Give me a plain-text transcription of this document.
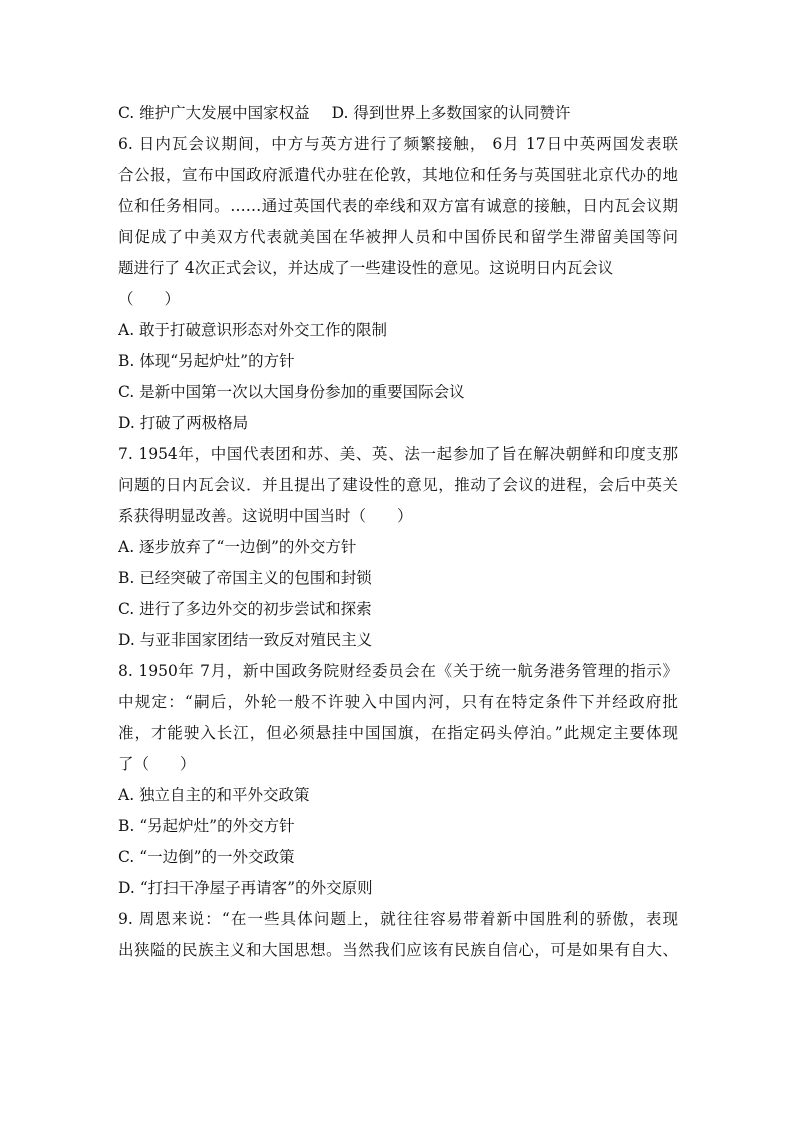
C. 维护广大发展中国家权益 D. 得到世界上多数国家的认同赞许
6. 日内瓦会议期间，中方与英方进行了频繁接触， 6月 17日中英两国发表联
合公报，宣布中国政府派遣代办驻在伦敦，其地位和任务与英国驻北京代办的地
位和任务相同。……通过英国代表的牵线和双方富有诚意的接触，日内瓦会议期
间促成了中美双方代表就美国在华被押人员和中国侨民和留学生滞留美国等问
题进行了 4次正式会议，并达成了一些建设性的意见。这说明日内瓦会议
（　　）
A. 敢于打破意识形态对外交工作的限制
B. 体现“另起炉灶”的方针
C. 是新中国第一次以大国身份参加的重要国际会议
D. 打破了两极格局
7. 1954年，中国代表团和苏、美、英、法一起参加了旨在解决朝鲜和印度支那
问题的日内瓦会议．并且提出了建设性的意见，推动了会议的进程，会后中英关
系获得明显改善。这说明中国当时（　　）
A. 逐步放弃了“一边倒”的外交方针
B. 已经突破了帝国主义的包围和封锁
C. 进行了多边外交的初步尝试和探索
D. 与亚非国家团结一致反对殖民主义
8. 1950年 7月，新中国政务院财经委员会在《关于统一航务港务管理的指示》
中规定：“嗣后，外轮一般不许驶入中国内河，只有在特定条件下并经政府批
准，才能驶入长江，但必须悬挂中国国旗，在指定码头停泊。”此规定主要体现
了（　　）
A. 独立自主的和平外交政策
B. “另起炉灶”的外交方针
C. “一边倒”的一外交政策
D. “打扫干净屋子再请客”的外交原则
9. 周恩来说：“在一些具体问题上，就往往容易带着新中国胜利的骄傲，表现
出狭隘的民族主义和大国思想。当然我们应该有民族自信心，可是如果有自大、
